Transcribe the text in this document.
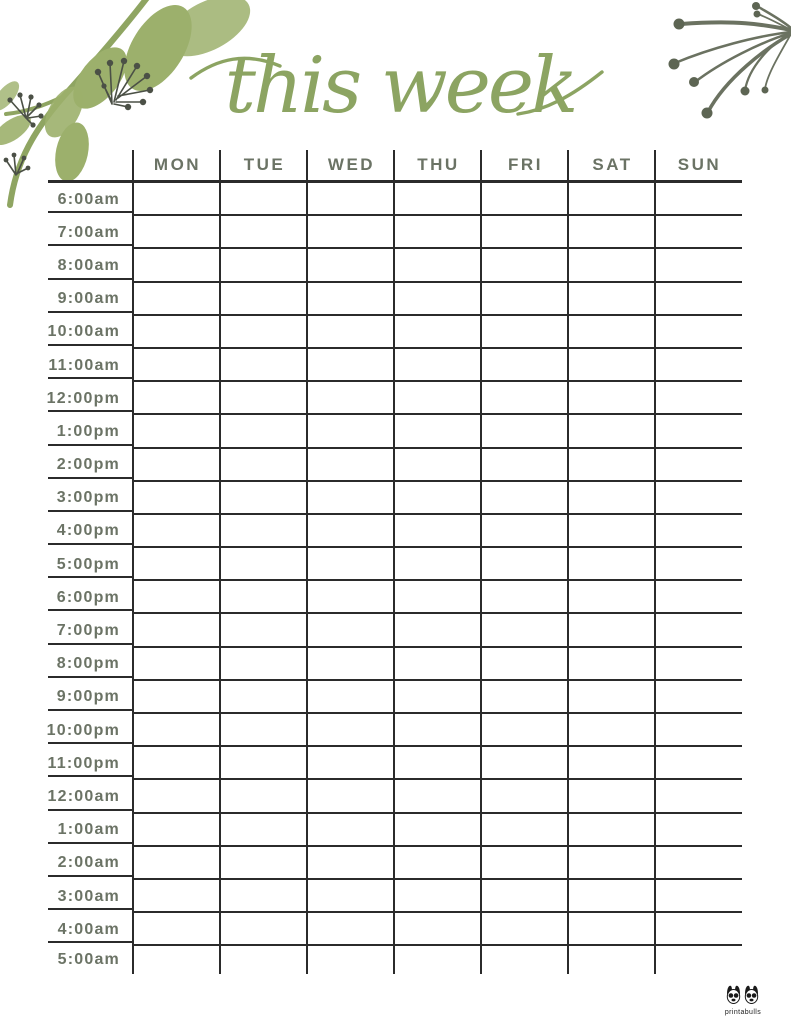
this week
MON	TUE	WED	THU	FRI	SAT	SUN
6:00am
7:00am
8:00am
9:00am
10:00am
11:00am
12:00pm
1:00pm
2:00pm
3:00pm
4:00pm
5:00pm
6:00pm
7:00pm
8:00pm
9:00pm
10:00pm
11:00pm
12:00am
1:00am
2:00am
3:00am
4:00am
5:00am
printabulls
